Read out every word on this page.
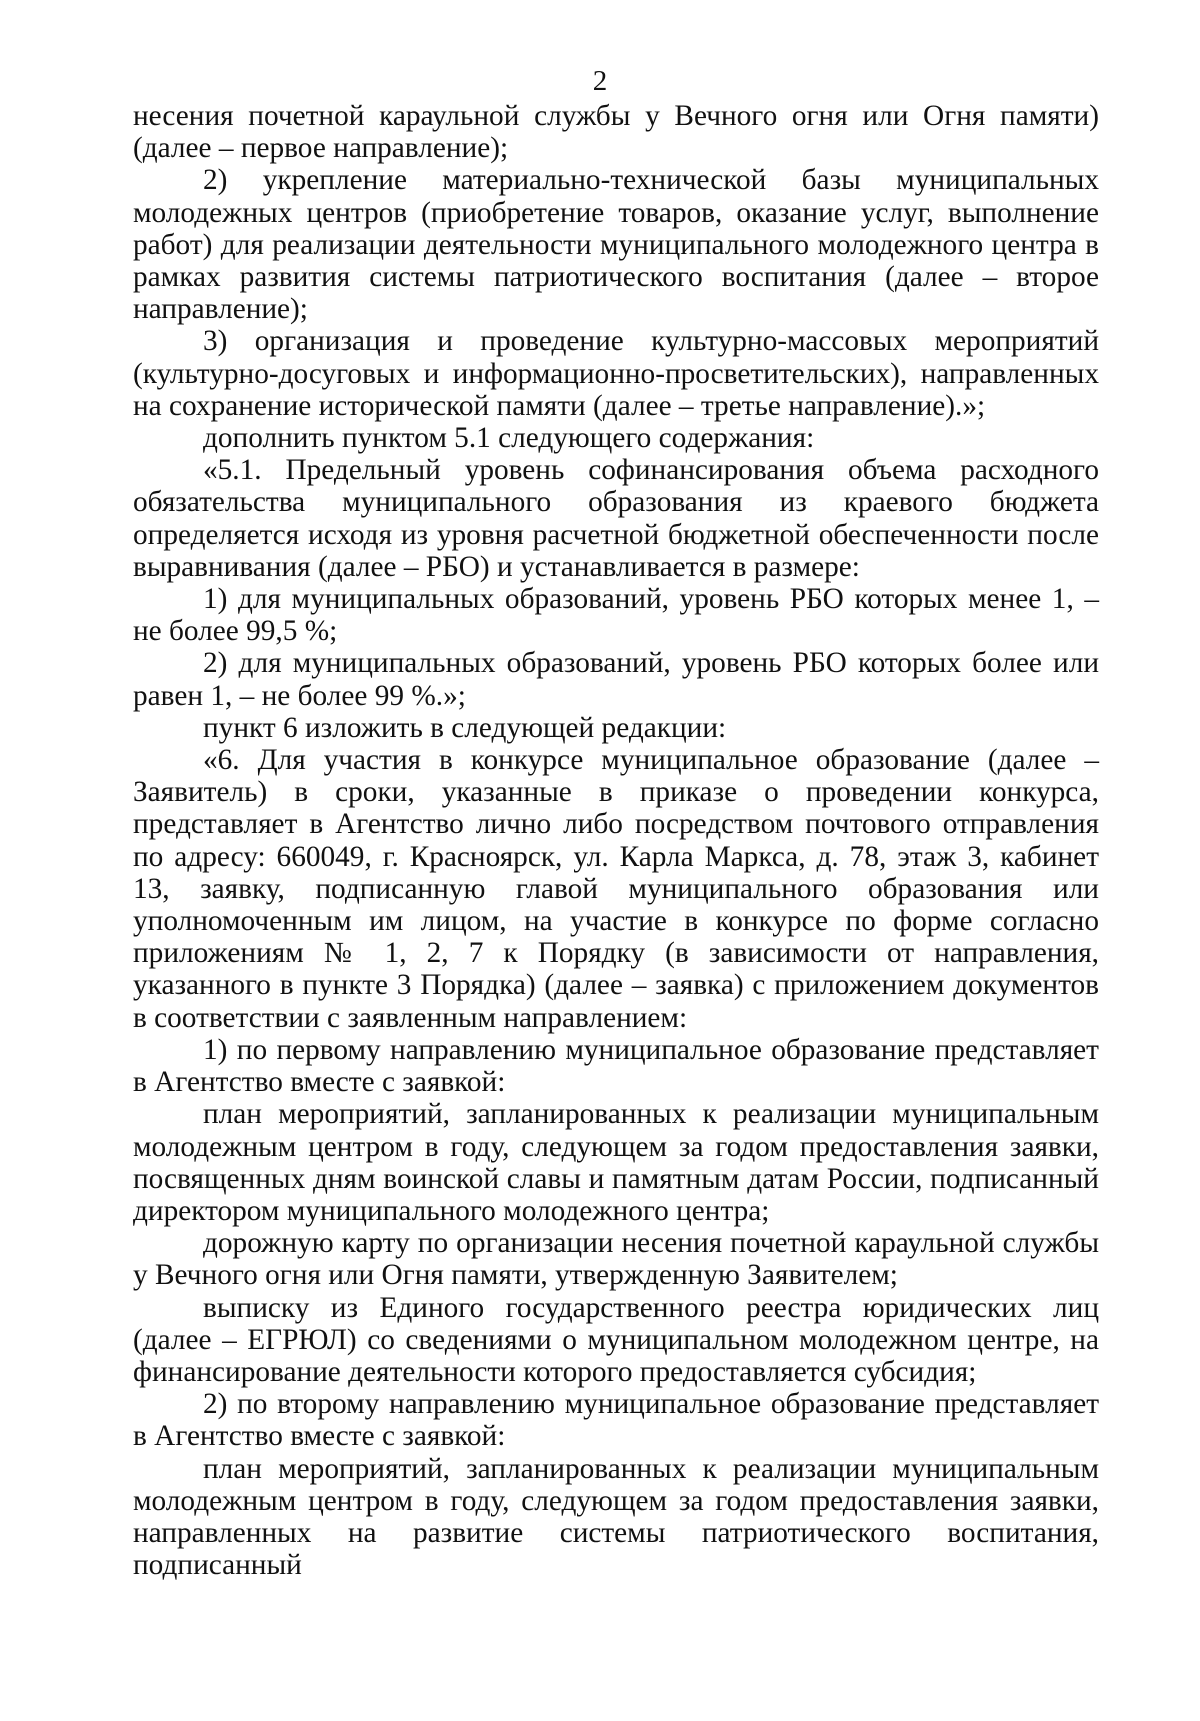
2

несения почетной караульной службы у Вечного огня или Огня памяти) (далее – первое направление);

2) укрепление материально-технической базы муниципальных молодежных центров (приобретение товаров, оказание услуг, выполнение работ) для реализации деятельности муниципального молодежного центра в рамках развития системы патриотического воспитания (далее – второе направление);

3) организация и проведение культурно-массовых мероприятий (культурно-досуговых и информационно-просветительских), направленных на сохранение исторической памяти (далее – третье направление).»;

дополнить пунктом 5.1 следующего содержания:

«5.1. Предельный уровень софинансирования объема расходного обязательства муниципального образования из краевого бюджета определяется исходя из уровня расчетной бюджетной обеспеченности после выравнивания (далее – РБО) и устанавливается в размере:

1) для муниципальных образований, уровень РБО которых менее 1, – не более 99,5 %;

2) для муниципальных образований, уровень РБО которых более или равен 1, – не более 99 %.»;

пункт 6 изложить в следующей редакции:

«6. Для участия в конкурсе муниципальное образование (далее – Заявитель) в сроки, указанные в приказе о проведении конкурса, представляет в Агентство лично либо посредством почтового отправления по адресу: 660049, г. Красноярск, ул. Карла Маркса, д. 78, этаж 3, кабинет 13, заявку, подписанную главой муниципального образования или уполномоченным им лицом, на участие в конкурсе по форме согласно приложениям № 1, 2, 7 к Порядку (в зависимости от направления, указанного в пункте 3 Порядка) (далее – заявка) с приложением документов в соответствии с заявленным направлением:

1) по первому направлению муниципальное образование представляет в Агентство вместе с заявкой:

план мероприятий, запланированных к реализации муниципальным молодежным центром в году, следующем за годом предоставления заявки, посвященных дням воинской славы и памятным датам России, подписанный директором муниципального молодежного центра;

дорожную карту по организации несения почетной караульной службы у Вечного огня или Огня памяти, утвержденную Заявителем;

выписку из Единого государственного реестра юридических лиц (далее – ЕГРЮЛ) со сведениями о муниципальном молодежном центре, на финансирование деятельности которого предоставляется субсидия;

2) по второму направлению муниципальное образование представляет в Агентство вместе с заявкой:

план мероприятий, запланированных к реализации муниципальным молодежным центром в году, следующем за годом предоставления заявки, направленных на развитие системы патриотического воспитания, подписанный
